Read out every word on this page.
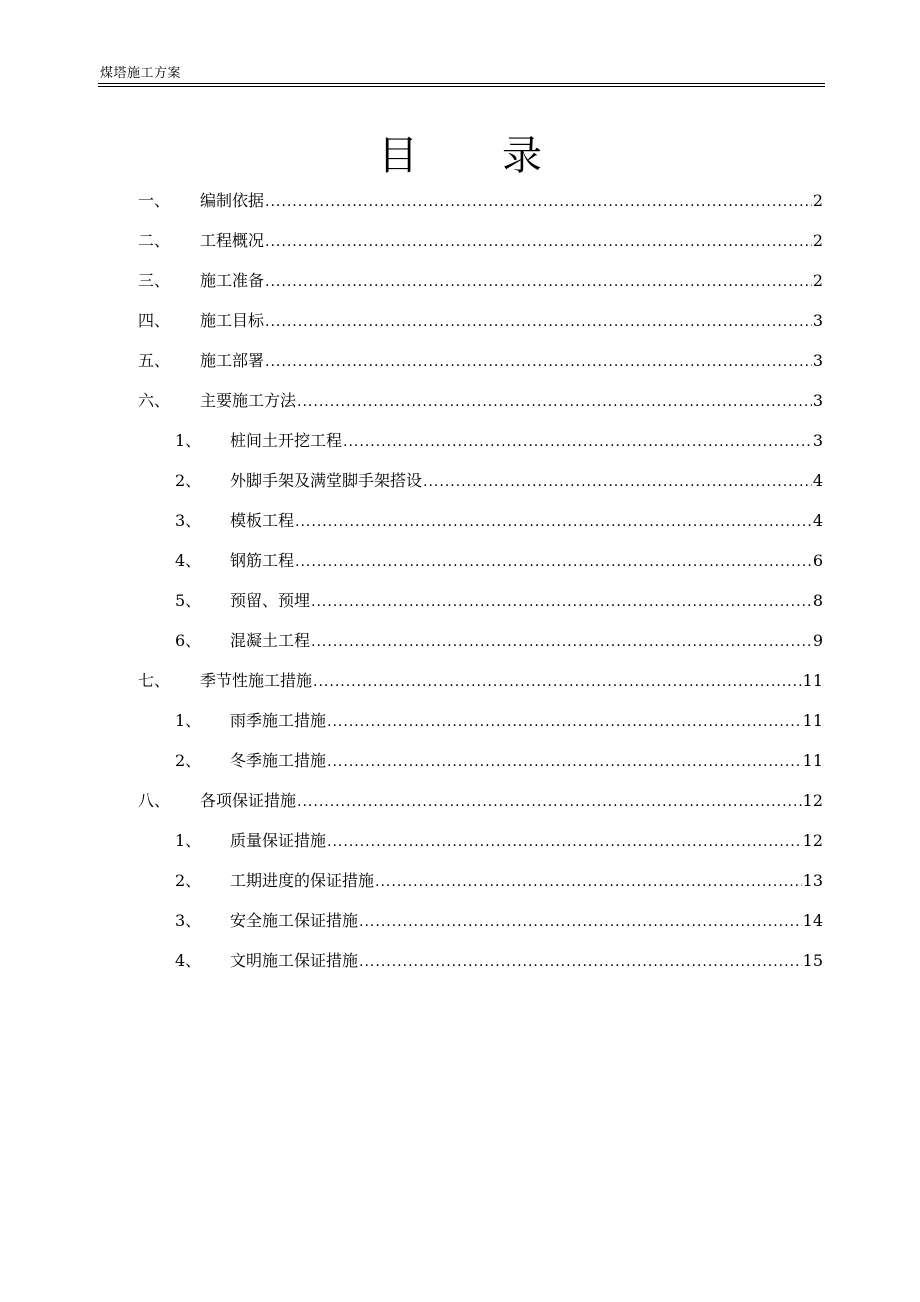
煤塔施工方案
目 录
一、	编制依据 .....	2
二、	工程概况 .....	2
三、	施工准备 .....	2
四、	施工目标 .....	3
五、	施工部署 .....	3
六、	主要施工方法 .....	3
1、	桩间土开挖工程 .....	3
2、	外脚手架及满堂脚手架搭设 .....	4
3、	模板工程 .....	4
4、	钢筋工程 .....	6
5、	预留、预埋 .....	8
6、	混凝土工程 .....	9
七、	季节性施工措施 .....	11
1、	雨季施工措施 .....	11
2、	冬季施工措施 .....	11
八、	各项保证措施 .....	12
1、	质量保证措施 .....	12
2、	工期进度的保证措施 .....	13
3、	安全施工保证措施 .....	14
4、	文明施工保证措施 .....	15
